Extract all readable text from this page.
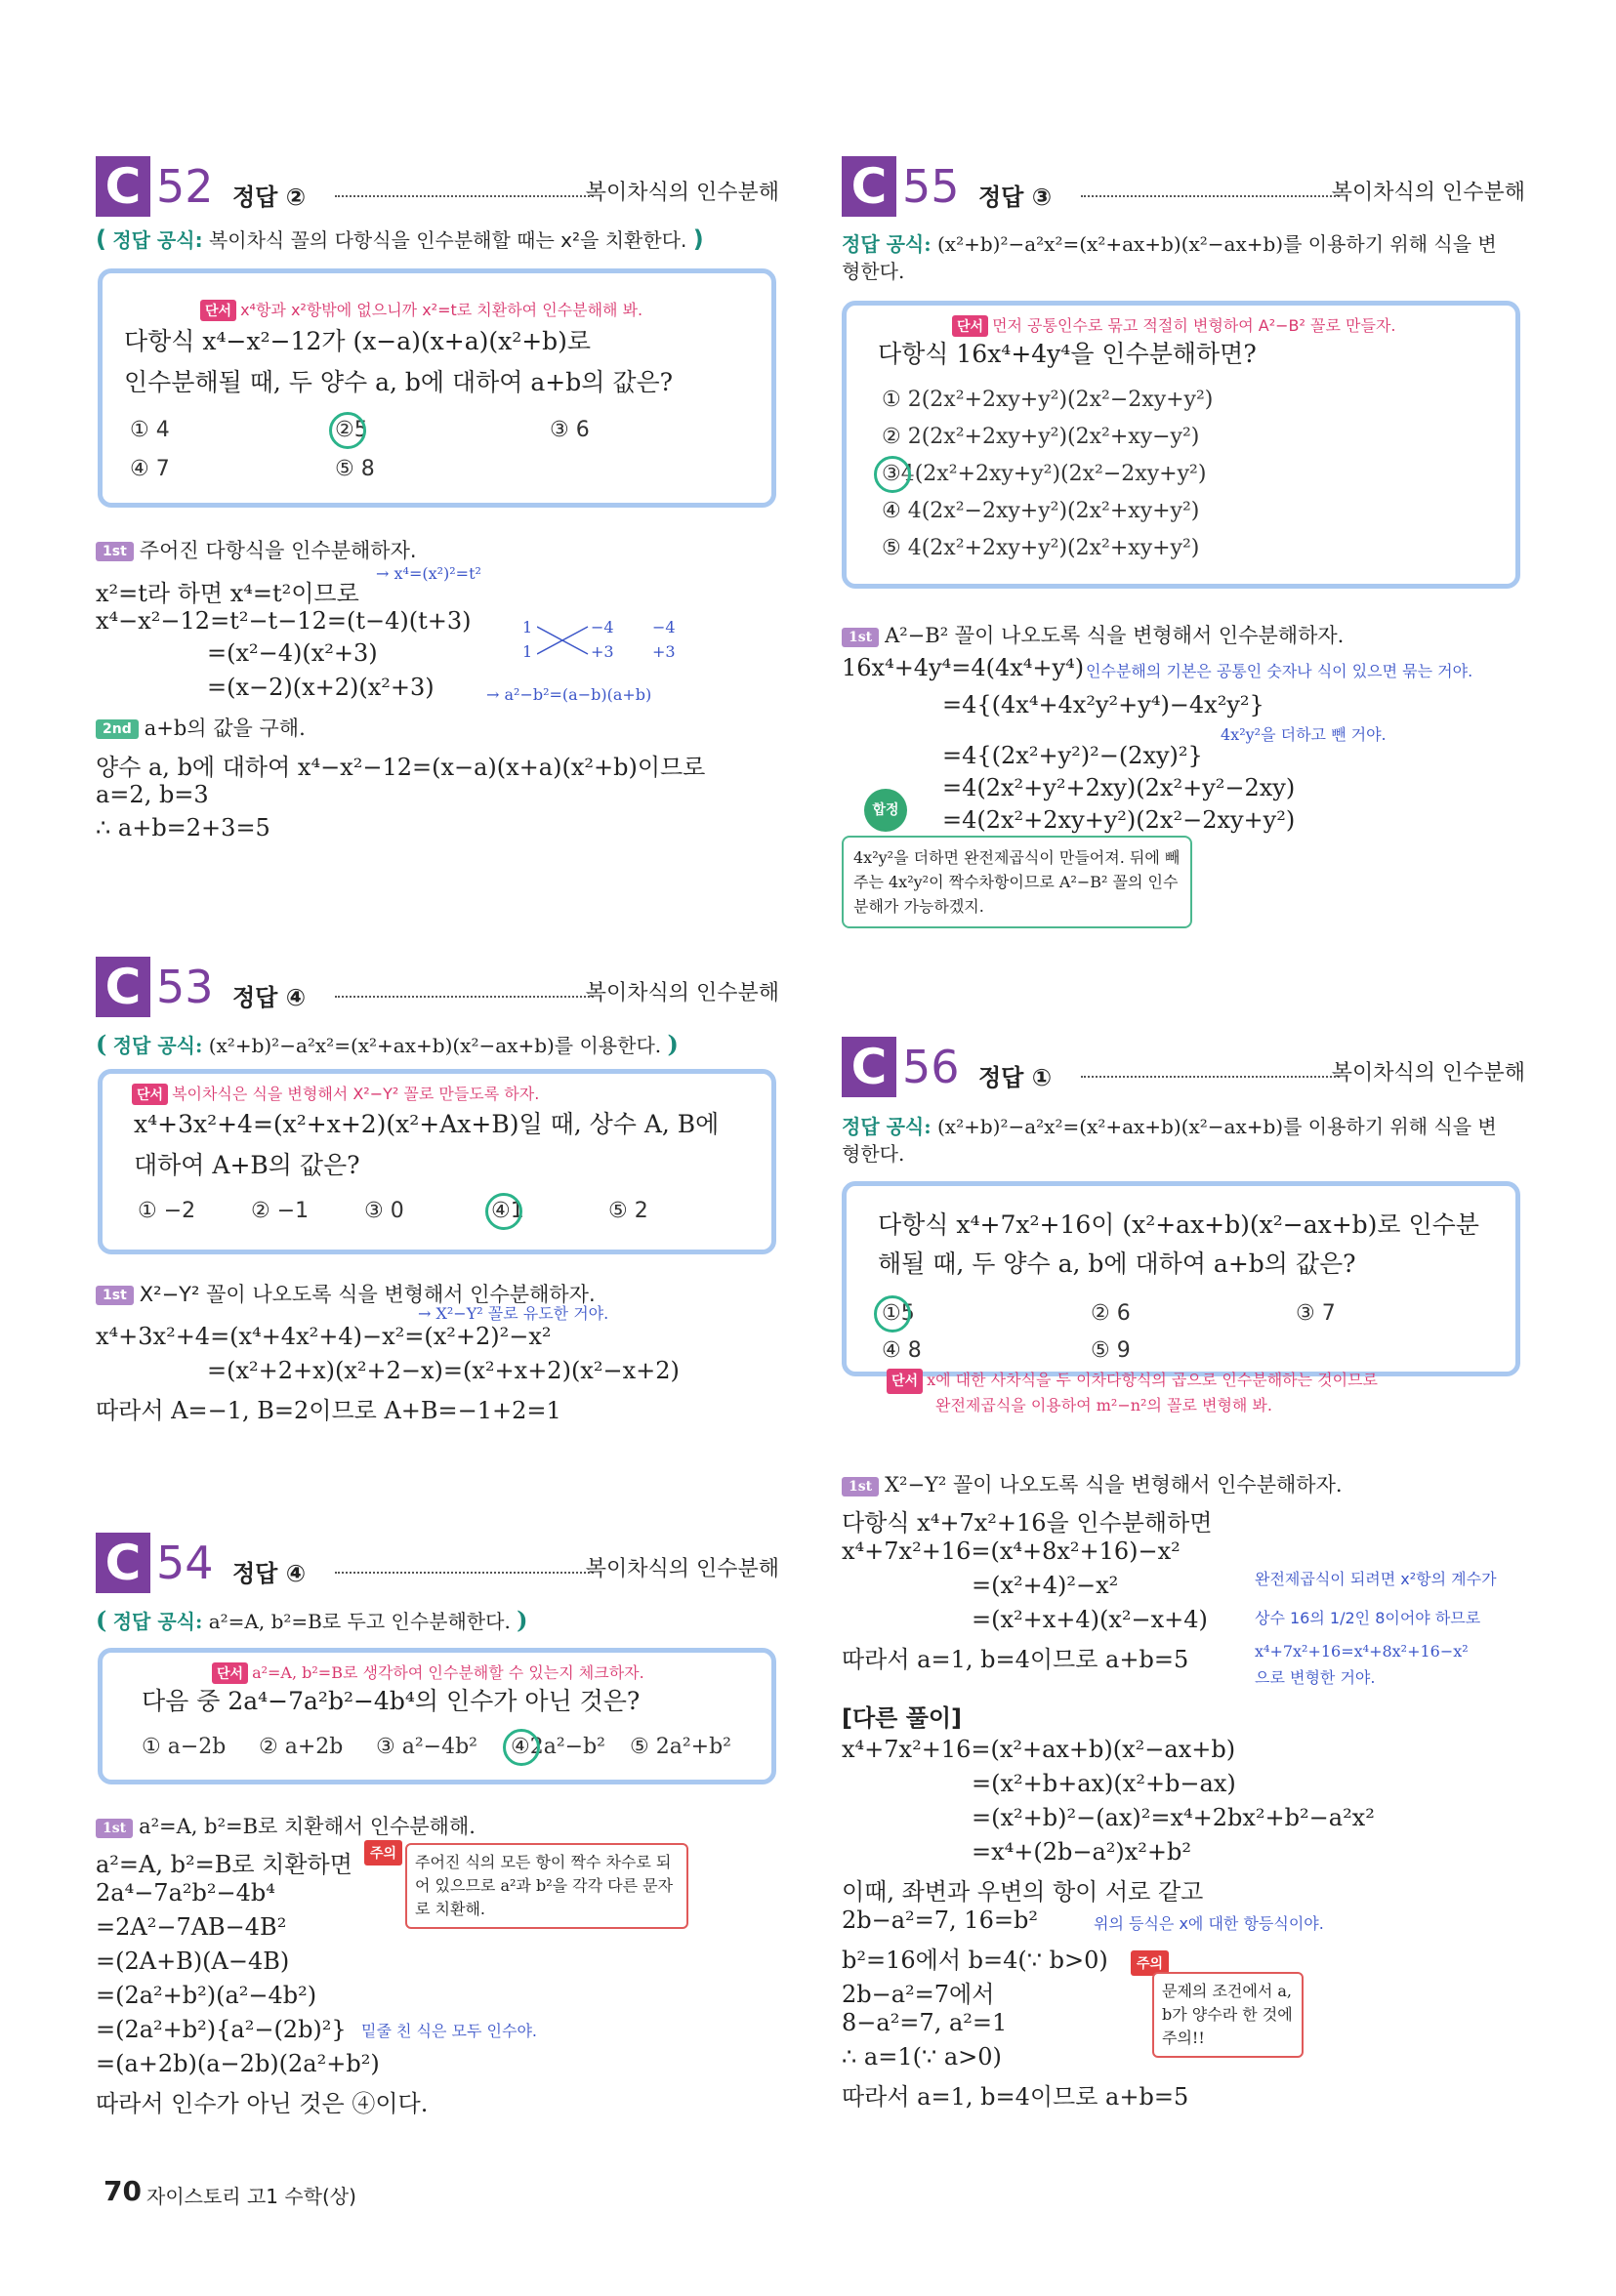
C 52 정답 ②	복이차식의 인수분해
( 정답 공식: 복이차식 꼴의 다항식을 인수분해할 때는 x²을 치환한다. )
단서 x⁴항과 x²항밖에 없으니까 x²=t로 치환하여 인수분해해 봐.
다항식 x⁴−x²−12가 (x−a)(x+a)(x²+b)로
인수분해될 때, 두 양수 a, b에 대하여 a+b의 값은?
① 4	②5	③ 6
④ 7	⑤ 8
1st 주어진 다항식을 인수분해하자.
x²=t라 하면 x⁴=t²이므로
→ x⁴=(x²)²=t²
x⁴−x²−12=t²−t−12=(t−4)(t+3)
=(x²−4)(x²+3)
=(x−2)(x+2)(x²+3)	→ a²−b²=(a−b)(a+b)
1
1
−4
+3
−4
+3
2nd a+b의 값을 구해.
양수 a, b에 대하여 x⁴−x²−12=(x−a)(x+a)(x²+b)이므로
a=2, b=3
∴ a+b=2+3=5
C 53 정답 ④	복이차식의 인수분해
( 정답 공식: (x²+b)²−a²x²=(x²+ax+b)(x²−ax+b)를 이용한다. )
단서 복이차식은 식을 변형해서 X²−Y² 꼴로 만들도록 하자.
x⁴+3x²+4=(x²+x+2)(x²+Ax+B)일 때, 상수 A, B에
대하여 A+B의 값은?
① −2	② −1	③ 0	④1	⑤ 2
1st X²−Y² 꼴이 나오도록 식을 변형해서 인수분해하자.
→ X²−Y² 꼴로 유도한 거야.
x⁴+3x²+4=(x⁴+4x²+4)−x²=(x²+2)²−x²
=(x²+2+x)(x²+2−x)=(x²+x+2)(x²−x+2)
따라서 A=−1, B=2이므로 A+B=−1+2=1
C 54 정답 ④	복이차식의 인수분해
( 정답 공식: a²=A, b²=B로 두고 인수분해한다. )
단서 a²=A, b²=B로 생각하여 인수분해할 수 있는지 체크하자.
다음 중 2a⁴−7a²b²−4b⁴의 인수가 아닌 것은?
① a−2b ② a+2b ③ a²−4b² ④2a²−b² ⑤ 2a²+b²
1st a²=A, b²=B로 치환해서 인수분해해.
a²=A, b²=B로 치환하면
2a⁴−7a²b²−4b⁴
=2A²−7AB−4B²
=(2A+B)(A−4B)
=(2a²+b²)(a²−4b²)
=(2a²+b²){a²−(2b)²} 밑줄 친 식은 모두 인수야.
=(a+2b)(a−2b)(2a²+b²)
따라서 인수가 아닌 것은 ④이다.
주의	주어진 식의 모든 항이 짝수 차수로 되어 있으므로 a²과 b²을 각각 다른 문자로 치환해.
C 55 정답 ③	복이차식의 인수분해
정답 공식: (x²+b)²−a²x²=(x²+ax+b)(x²−ax+b)를 이용하기 위해 식을 변형한다.
단서 먼저 공통인수로 묶고 적절히 변형하여 A²−B² 꼴로 만들자.
다항식 16x⁴+4y⁴을 인수분해하면?
① 2(2x²+2xy+y²)(2x²−2xy+y²)
② 2(2x²+2xy+y²)(2x²+xy−y²)
③4(2x²+2xy+y²)(2x²−2xy+y²)
④ 4(2x²−2xy+y²)(2x²+xy+y²)
⑤ 4(2x²+2xy+y²)(2x²+xy+y²)
1st A²−B² 꼴이 나오도록 식을 변형해서 인수분해하자.
16x⁴+4y⁴=4(4x⁴+y⁴) 인수분해의 기본은 공통인 숫자나 식이 있으면 묶는 거야.
=4{(4x⁴+4x²y²+y⁴)−4x²y²}
4x²y²을 더하고 뺀 거야.
=4{(2x²+y²)²−(2xy)²}
=4(2x²+y²+2xy)(2x²+y²−2xy)
=4(2x²+2xy+y²)(2x²−2xy+y²)
합정
4x²y²을 더하면 완전제곱식이 만들어져. 뒤에 빼주는 4x²y²이 짝수차항이므로 A²−B² 꼴의 인수분해가 가능하겠지.
C 56 정답 ①	복이차식의 인수분해
정답 공식: (x²+b)²−a²x²=(x²+ax+b)(x²−ax+b)를 이용하기 위해 식을 변형한다.
다항식 x⁴+7x²+16이 (x²+ax+b)(x²−ax+b)로 인수분
해될 때, 두 양수 a, b에 대하여 a+b의 값은?
①5	② 6	③ 7
④ 8	⑤ 9
단서 x에 대한 사차식을 두 이차다항식의 곱으로 인수분해하는 것이므로
완전제곱식을 이용하여 m²−n²의 꼴로 변형해 봐.
1st X²−Y² 꼴이 나오도록 식을 변형해서 인수분해하자.
다항식 x⁴+7x²+16을 인수분해하면
x⁴+7x²+16=(x⁴+8x²+16)−x²
=(x²+4)²−x²
=(x²+x+4)(x²−x+4)
따라서 a=1, b=4이므로 a+b=5
완전제곱식이 되려면 x²항의 계수가
상수 16의 1/2인 8이어야 하므로
x⁴+7x²+16=x⁴+8x²+16−x²
으로 변형한 거야.
[다른 풀이]
x⁴+7x²+16=(x²+ax+b)(x²−ax+b)
=(x²+b+ax)(x²+b−ax)
=(x²+b)²−(ax)²=x⁴+2bx²+b²−a²x²
=x⁴+(2b−a²)x²+b²
이때, 좌변과 우변의 항이 서로 같고
2b−a²=7, 16=b²	위의 등식은 x에 대한 항등식이야.
b²=16에서 b=4(∵ b>0)
2b−a²=7에서
8−a²=7, a²=1
∴ a=1(∵ a>0)
따라서 a=1, b=4이므로 a+b=5
주의
문제의 조건에서 a, b가 양수라 한 것에 주의!!
70 자이스토리 고1 수학(상)
